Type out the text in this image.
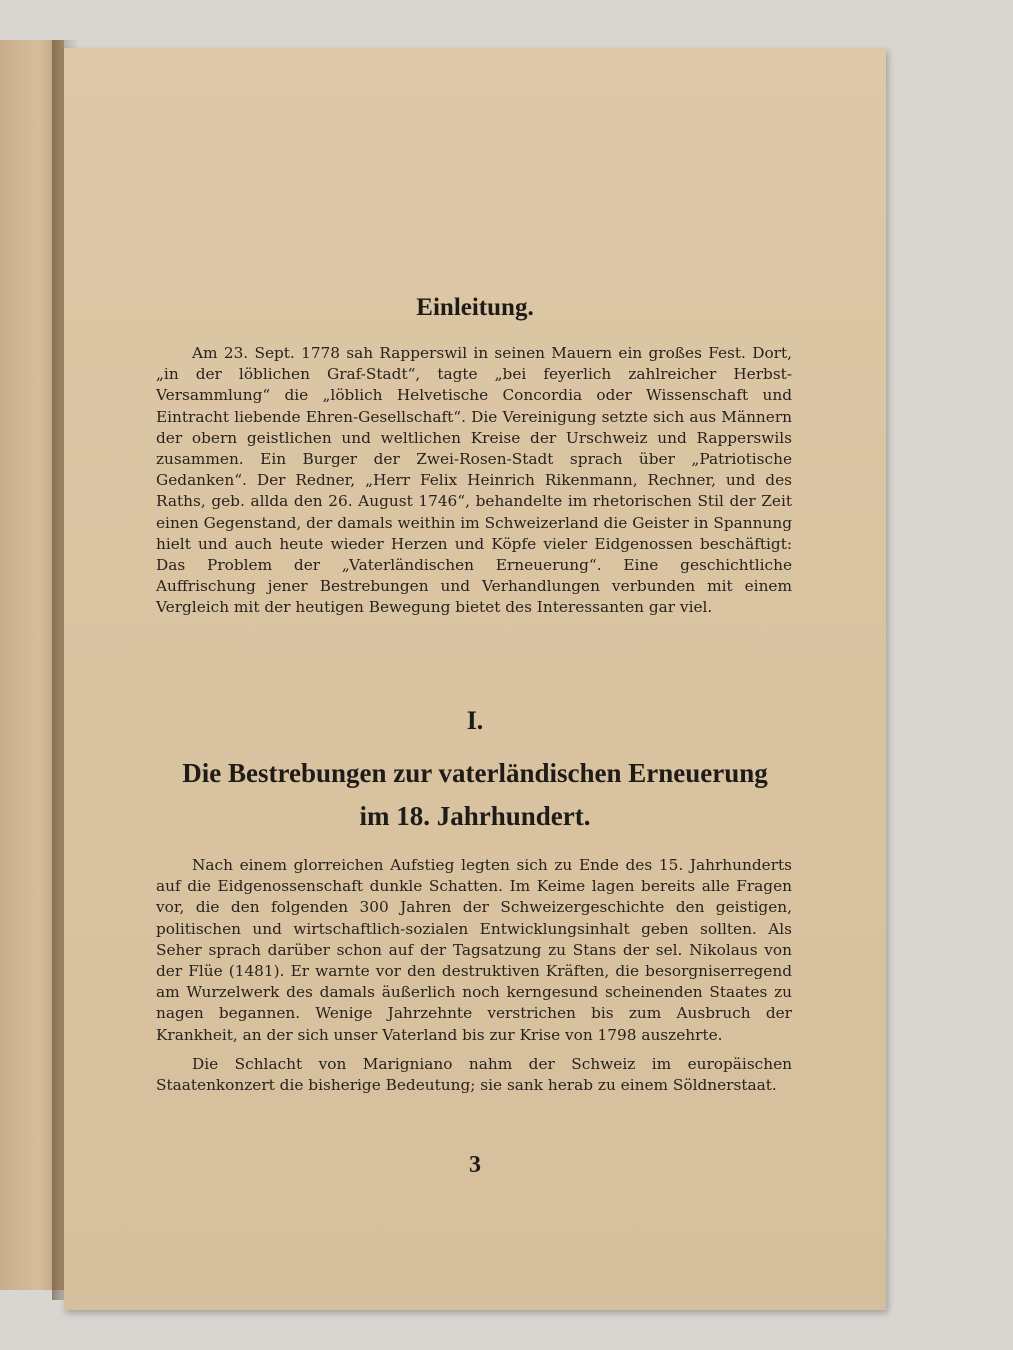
Einleitung.

Am 23. Sept. 1778 sah Rapperswil in seinen Mauern ein großes Fest. Dort, „in der löblichen Graf-Stadt“, tagte „bei feyerlich zahlreicher Herbst-Versammlung“ die „löblich Helvetische Concordia oder Wissenschaft und Eintracht liebende Ehren-Gesellschaft“. Die Vereinigung setzte sich aus Männern der obern geistlichen und weltlichen Kreise der Urschweiz und Rapperswils zusammen. Ein Burger der Zwei-Rosen-Stadt sprach über „Patriotische Gedanken“. Der Redner, „Herr Felix Heinrich Rikenmann, Rechner, und des Raths, geb. allda den 26. August 1746“, behandelte im rhetorischen Stil der Zeit einen Gegenstand, der damals weithin im Schweizerland die Geister in Spannung hielt und auch heute wieder Herzen und Köpfe vieler Eidgenossen beschäftigt: Das Problem der „Vaterländischen Erneuerung“. Eine geschichtliche Auffrischung jener Bestrebungen und Verhandlungen verbunden mit einem Vergleich mit der heutigen Bewegung bietet des Interessanten gar viel.

I.
Die Bestrebungen zur vaterländischen Erneuerung
im 18. Jahrhundert.

Nach einem glorreichen Aufstieg legten sich zu Ende des 15. Jahrhunderts auf die Eidgenossenschaft dunkle Schatten. Im Keime lagen bereits alle Fragen vor, die den folgenden 300 Jahren der Schweizergeschichte den geistigen, politischen und wirtschaftlich-sozialen Entwicklungsinhalt geben sollten. Als Seher sprach darüber schon auf der Tagsatzung zu Stans der sel. Nikolaus von der Flüe (1481). Er warnte vor den destruktiven Kräften, die besorgniserregend am Wurzelwerk des damals äußerlich noch kerngesund scheinenden Staates zu nagen begannen. Wenige Jahrzehnte verstrichen bis zum Ausbruch der Krankheit, an der sich unser Vaterland bis zur Krise von 1798 auszehrte.

Die Schlacht von Marigniano nahm der Schweiz im europäischen Staatenkonzert die bisherige Bedeutung; sie sank herab zu einem Söldnerstaat.

3
